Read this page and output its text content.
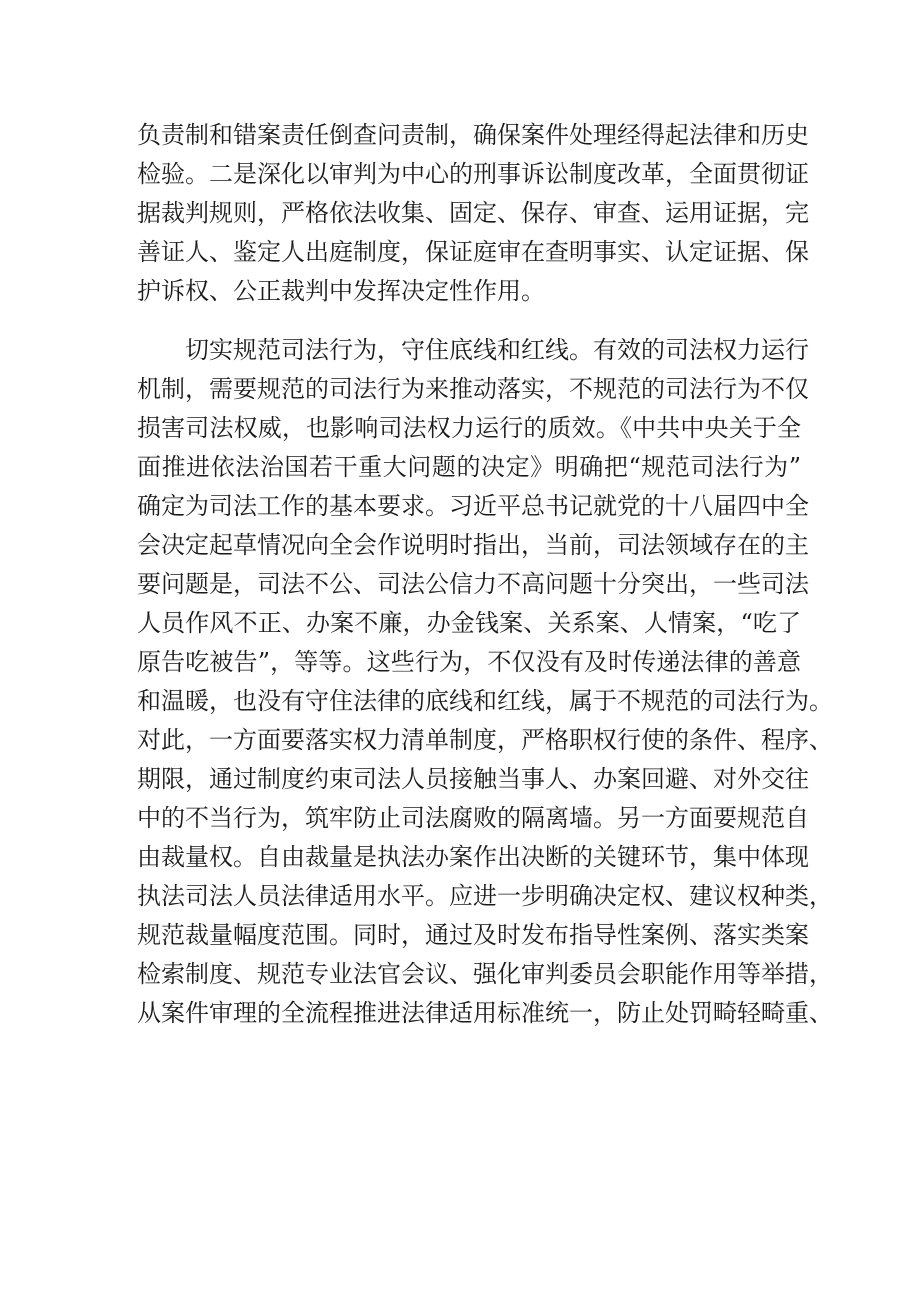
负责制和错案责任倒查问责制，确保案件处理经得起法律和历史
检验。二是深化以审判为中心的刑事诉讼制度改革，全面贯彻证
据裁判规则，严格依法收集、固定、保存、审查、运用证据，完
善证人、鉴定人出庭制度，保证庭审在查明事实、认定证据、保
护诉权、公正裁判中发挥决定性作用。
切实规范司法行为，守住底线和红线。有效的司法权力运行
机制，需要规范的司法行为来推动落实，不规范的司法行为不仅
损害司法权威，也影响司法权力运行的质效。《中共中央关于全
面推进依法治国若干重大问题的决定》明确把“规范司法行为”
确定为司法工作的基本要求。习近平总书记就党的十八届四中全
会决定起草情况向全会作说明时指出，当前，司法领域存在的主
要问题是，司法不公、司法公信力不高问题十分突出，一些司法
人员作风不正、办案不廉，办金钱案、关系案、人情案，“吃了
原告吃被告”，等等。这些行为，不仅没有及时传递法律的善意
和温暖，也没有守住法律的底线和红线，属于不规范的司法行为。
对此，一方面要落实权力清单制度，严格职权行使的条件、程序、
期限，通过制度约束司法人员接触当事人、办案回避、对外交往
中的不当行为，筑牢防止司法腐败的隔离墙。另一方面要规范自
由裁量权。自由裁量是执法办案作出决断的关键环节，集中体现
执法司法人员法律适用水平。应进一步明确决定权、建议权种类，
规范裁量幅度范围。同时，通过及时发布指导性案例、落实类案
检索制度、规范专业法官会议、强化审判委员会职能作用等举措，
从案件审理的全流程推进法律适用标准统一，防止处罚畸轻畸重、
